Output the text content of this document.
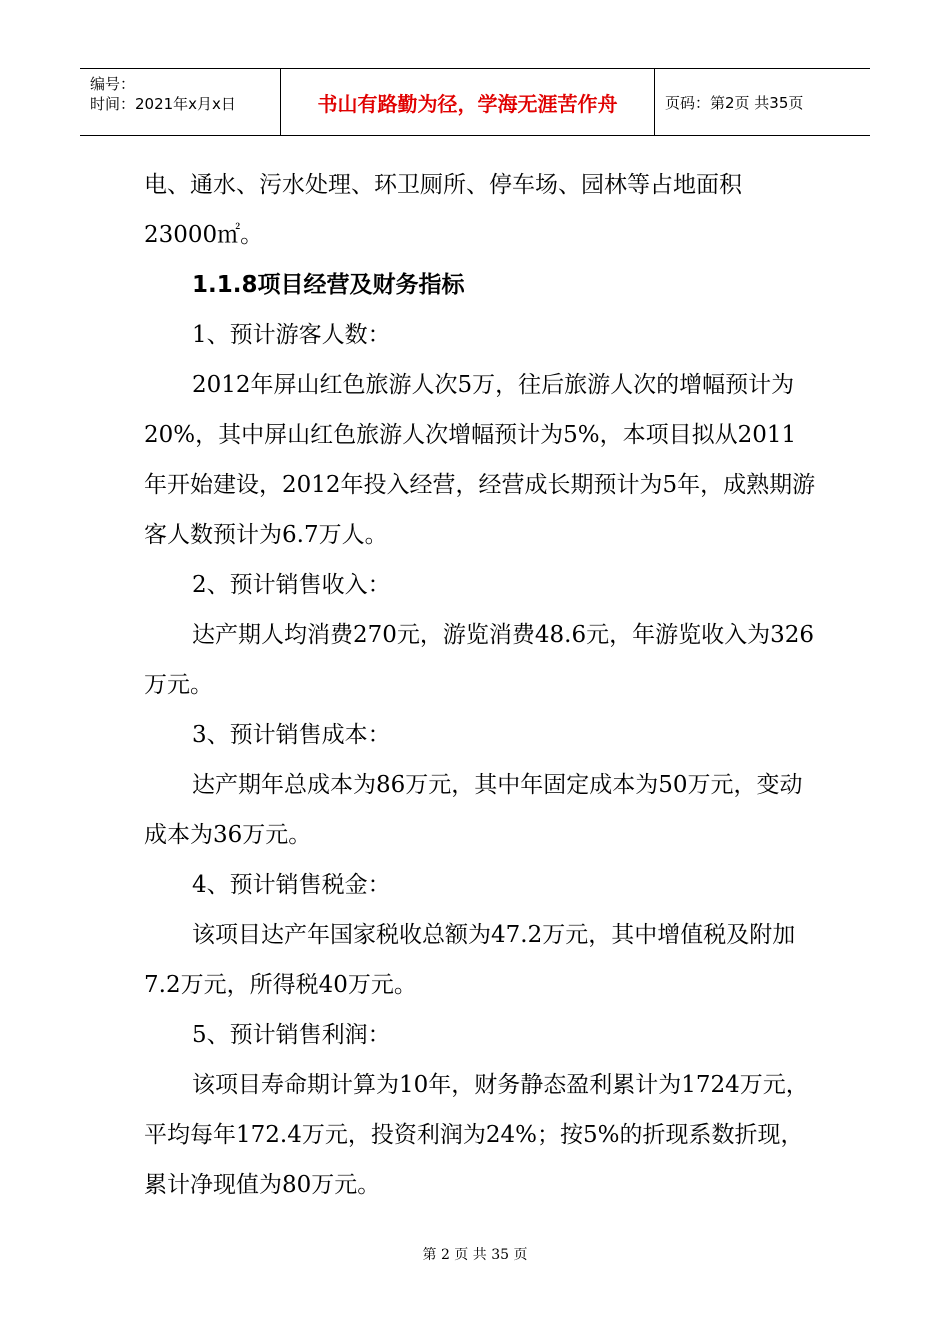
编号：
时间：2021年x月x日	书山有路勤为径，学海无涯苦作舟	页码：第2页 共35页

电、通水、污水处理、环卫厕所、停车场、园林等占地面积

23000㎡。

1.1.8项目经营及财务指标

1、预计游客人数：

2012年屏山红色旅游人次5万，往后旅游人次的增幅预计为20%，其中屏山红色旅游人次增幅预计为5%，本项目拟从2011年开始建设，2012年投入经营，经营成长期预计为5年，成熟期游客人数预计为6.7万人。

2、预计销售收入：

达产期人均消费270元，游览消费48.6元，年游览收入为326万元。

3、预计销售成本：

达产期年总成本为86万元，其中年固定成本为50万元，变动成本为36万元。

4、预计销售税金：

该项目达产年国家税收总额为47.2万元，其中增值税及附加7.2万元，所得税40万元。

5、预计销售利润：

该项目寿命期计算为10年，财务静态盈利累计为1724万元，平均每年172.4万元，投资利润为24%；按5%的折现系数折现，累计净现值为80万元。

第 2 页 共 35 页
